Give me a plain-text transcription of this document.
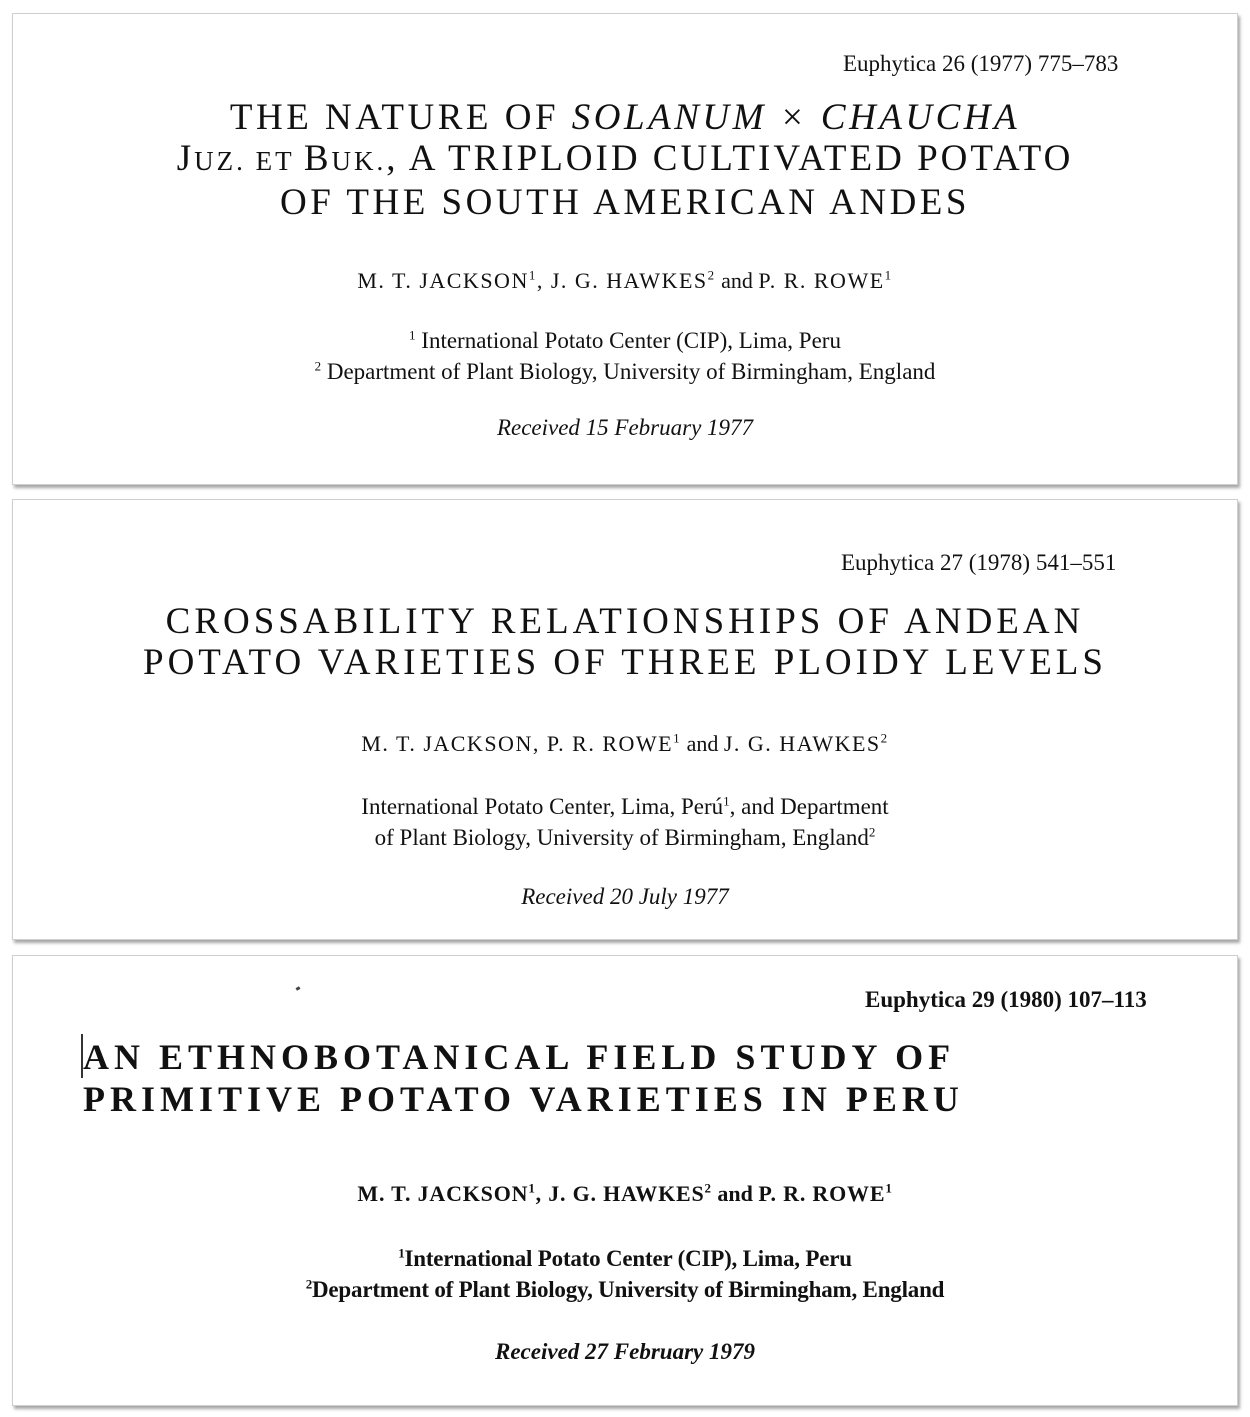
Euphytica 26 (1977) 775–783
THE NATURE OF SOLANUM × CHAUCHA
JUZ. ET BUK., A TRIPLOID CULTIVATED POTATO
OF THE SOUTH AMERICAN ANDES
M. T. JACKSON$^1$, J. G. HAWKES$^2$ and P. R. ROWE$^1$
$^1$ International Potato Center (CIP), Lima, Peru
$^2$ Department of Plant Biology, University of Birmingham, England
Received 15 February 1977
Euphytica 27 (1978) 541–551
CROSSABILITY RELATIONSHIPS OF ANDEAN
POTATO VARIETIES OF THREE PLOIDY LEVELS
M. T. JACKSON, P. R. ROWE$^1$ and J. G. HAWKES$^2$
International Potato Center, Lima, Perú$^1$, and Department
of Plant Biology, University of Birmingham, England$^2$
Received 20 July 1977
Euphytica 29 (1980) 107–113
AN ETHNOBOTANICAL FIELD STUDY OF
PRIMITIVE POTATO VARIETIES IN PERU
M. T. JACKSON$^1$, J. G. HAWKES$^2$ and P. R. ROWE$^1$
$^1$International Potato Center (CIP), Lima, Peru
$^2$Department of Plant Biology, University of Birmingham, England
Received 27 February 1979
